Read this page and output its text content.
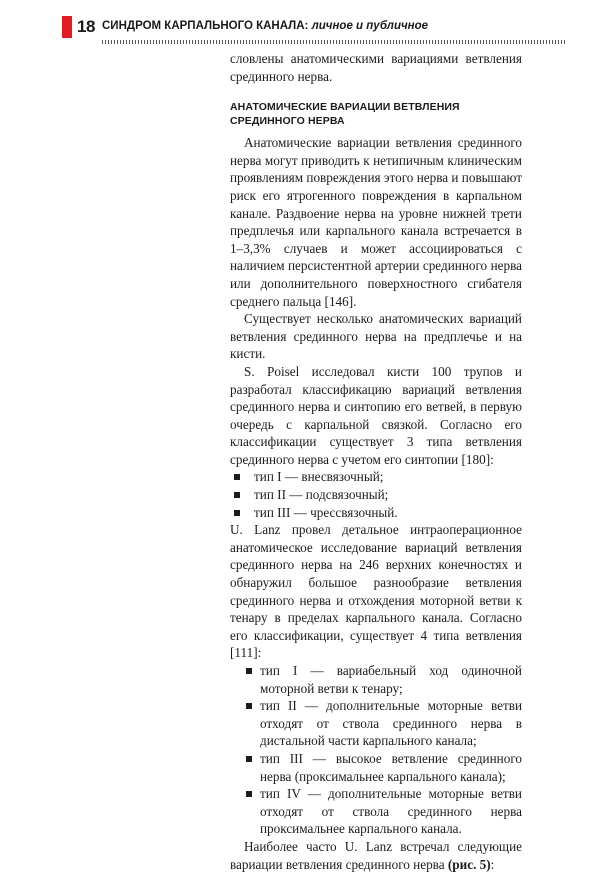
18 СИНДРОМ КАРПАЛЬНОГО КАНАЛА: личное и публичное

словлены анатомическими вариациями ветвления срединного нерва.

АНАТОМИЧЕСКИЕ ВАРИАЦИИ ВЕТВЛЕНИЯ СРЕДИННОГО НЕРВА

Анатомические вариации ветвления срединного нерва могут приводить к нетипичным клиническим проявлениям повреждения этого нерва и повышают риск его ятрогенного повреждения в карпальном канале. Раздвоение нерва на уровне нижней трети предплечья или карпального канала встречается в 1–3,3% случаев и может ассоциироваться с наличием персистентной артерии срединного нерва или дополнительного поверхностного сгибателя среднего пальца [146].

Существует несколько анатомических вариаций ветвления срединного нерва на предплечье и на кисти.

S. Poisel исследовал кисти 100 трупов и разработал классификацию вариаций ветвления срединного нерва и синтопию его ветвей, в первую очередь с карпальной связкой. Согласно его классификации существует 3 типа ветвления срединного нерва с учетом его синтопии [180]:

тип I — внесвязочный;
тип II — подсвязочный;
тип III — чрессвязочный.

U. Lanz провел детальное интраоперационное анатомическое исследование вариаций ветвления срединного нерва на 246 верхних конечностях и обнаружил большое разнообразие ветвления срединного нерва и отхождения моторной ветви к тенару в пределах карпального канала. Согласно его классификации, существует 4 типа ветвления [111]:

тип I — вариабельный ход одиночной моторной ветви к тенару;
тип II — дополнительные моторные ветви отходят от ствола срединного нерва в дистальной части карпального канала;
тип III — высокое ветвление срединного нерва (проксимальнее карпального канала);
тип IV — дополнительные моторные ветви отходят от ствола срединного нерва проксимальнее карпального канала.

Наиболее часто U. Lanz встречал следующие вариации ветвления срединного нерва (рис. 5):
